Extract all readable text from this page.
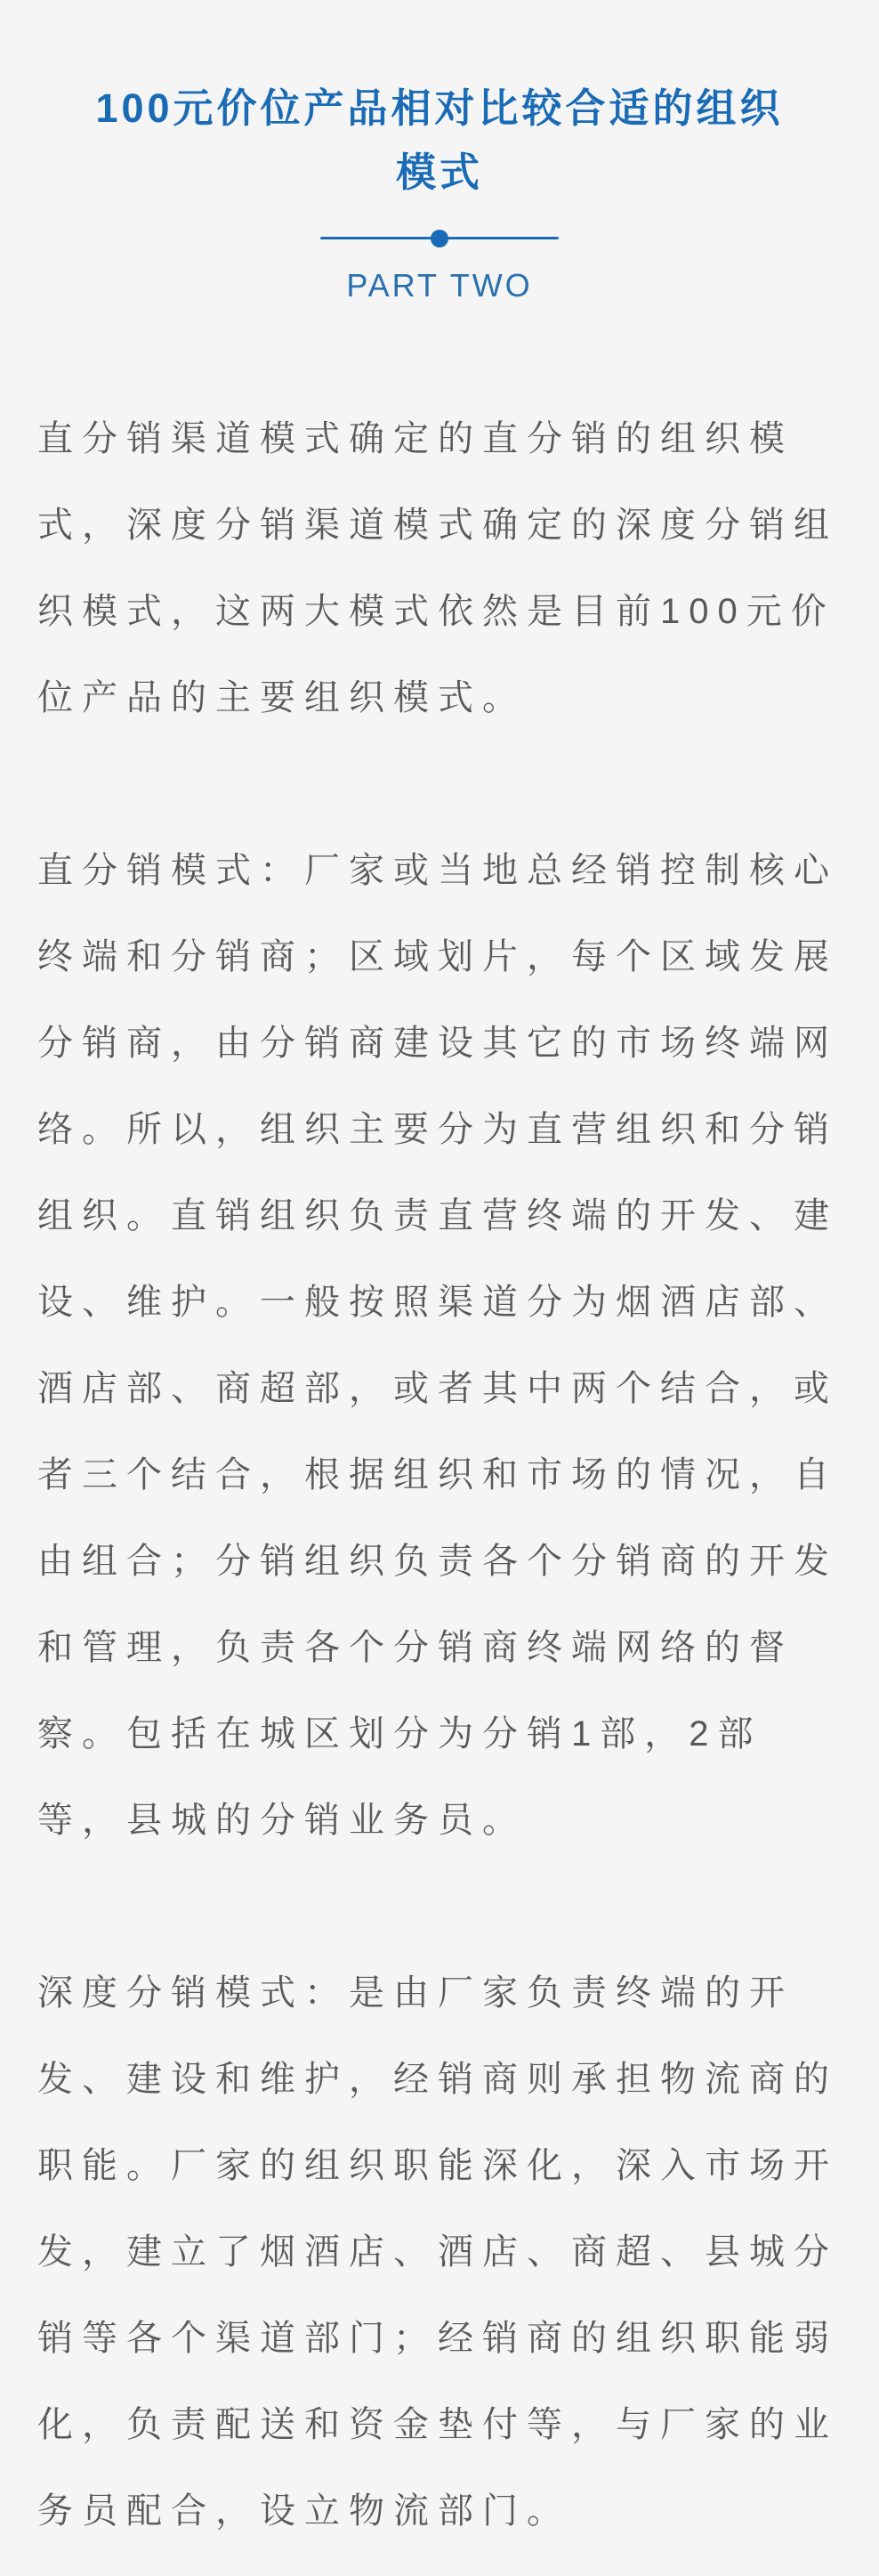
100元价位产品相对比较合适的组织模式
PART TWO

直分销渠道模式确定的直分销的组织模式，深度分销渠道模式确定的深度分销组织模式，这两大模式依然是目前100元价位产品的主要组织模式。

直分销模式：厂家或当地总经销控制核心终端和分销商；区域划片，每个区域发展分销商，由分销商建设其它的市场终端网络。所以，组织主要分为直营组织和分销组织。直销组织负责直营终端的开发、建设、维护。一般按照渠道分为烟酒店部、酒店部、商超部，或者其中两个结合，或者三个结合，根据组织和市场的情况，自由组合；分销组织负责各个分销商的开发和管理，负责各个分销商终端网络的督察。包括在城区划分为分销1部，2部等，县城的分销业务员。

深度分销模式：是由厂家负责终端的开发、建设和维护，经销商则承担物流商的职能。厂家的组织职能深化，深入市场开发，建立了烟酒店、酒店、商超、县城分销等各个渠道部门；经销商的组织职能弱化，负责配送和资金垫付等，与厂家的业务员配合，设立物流部门。
